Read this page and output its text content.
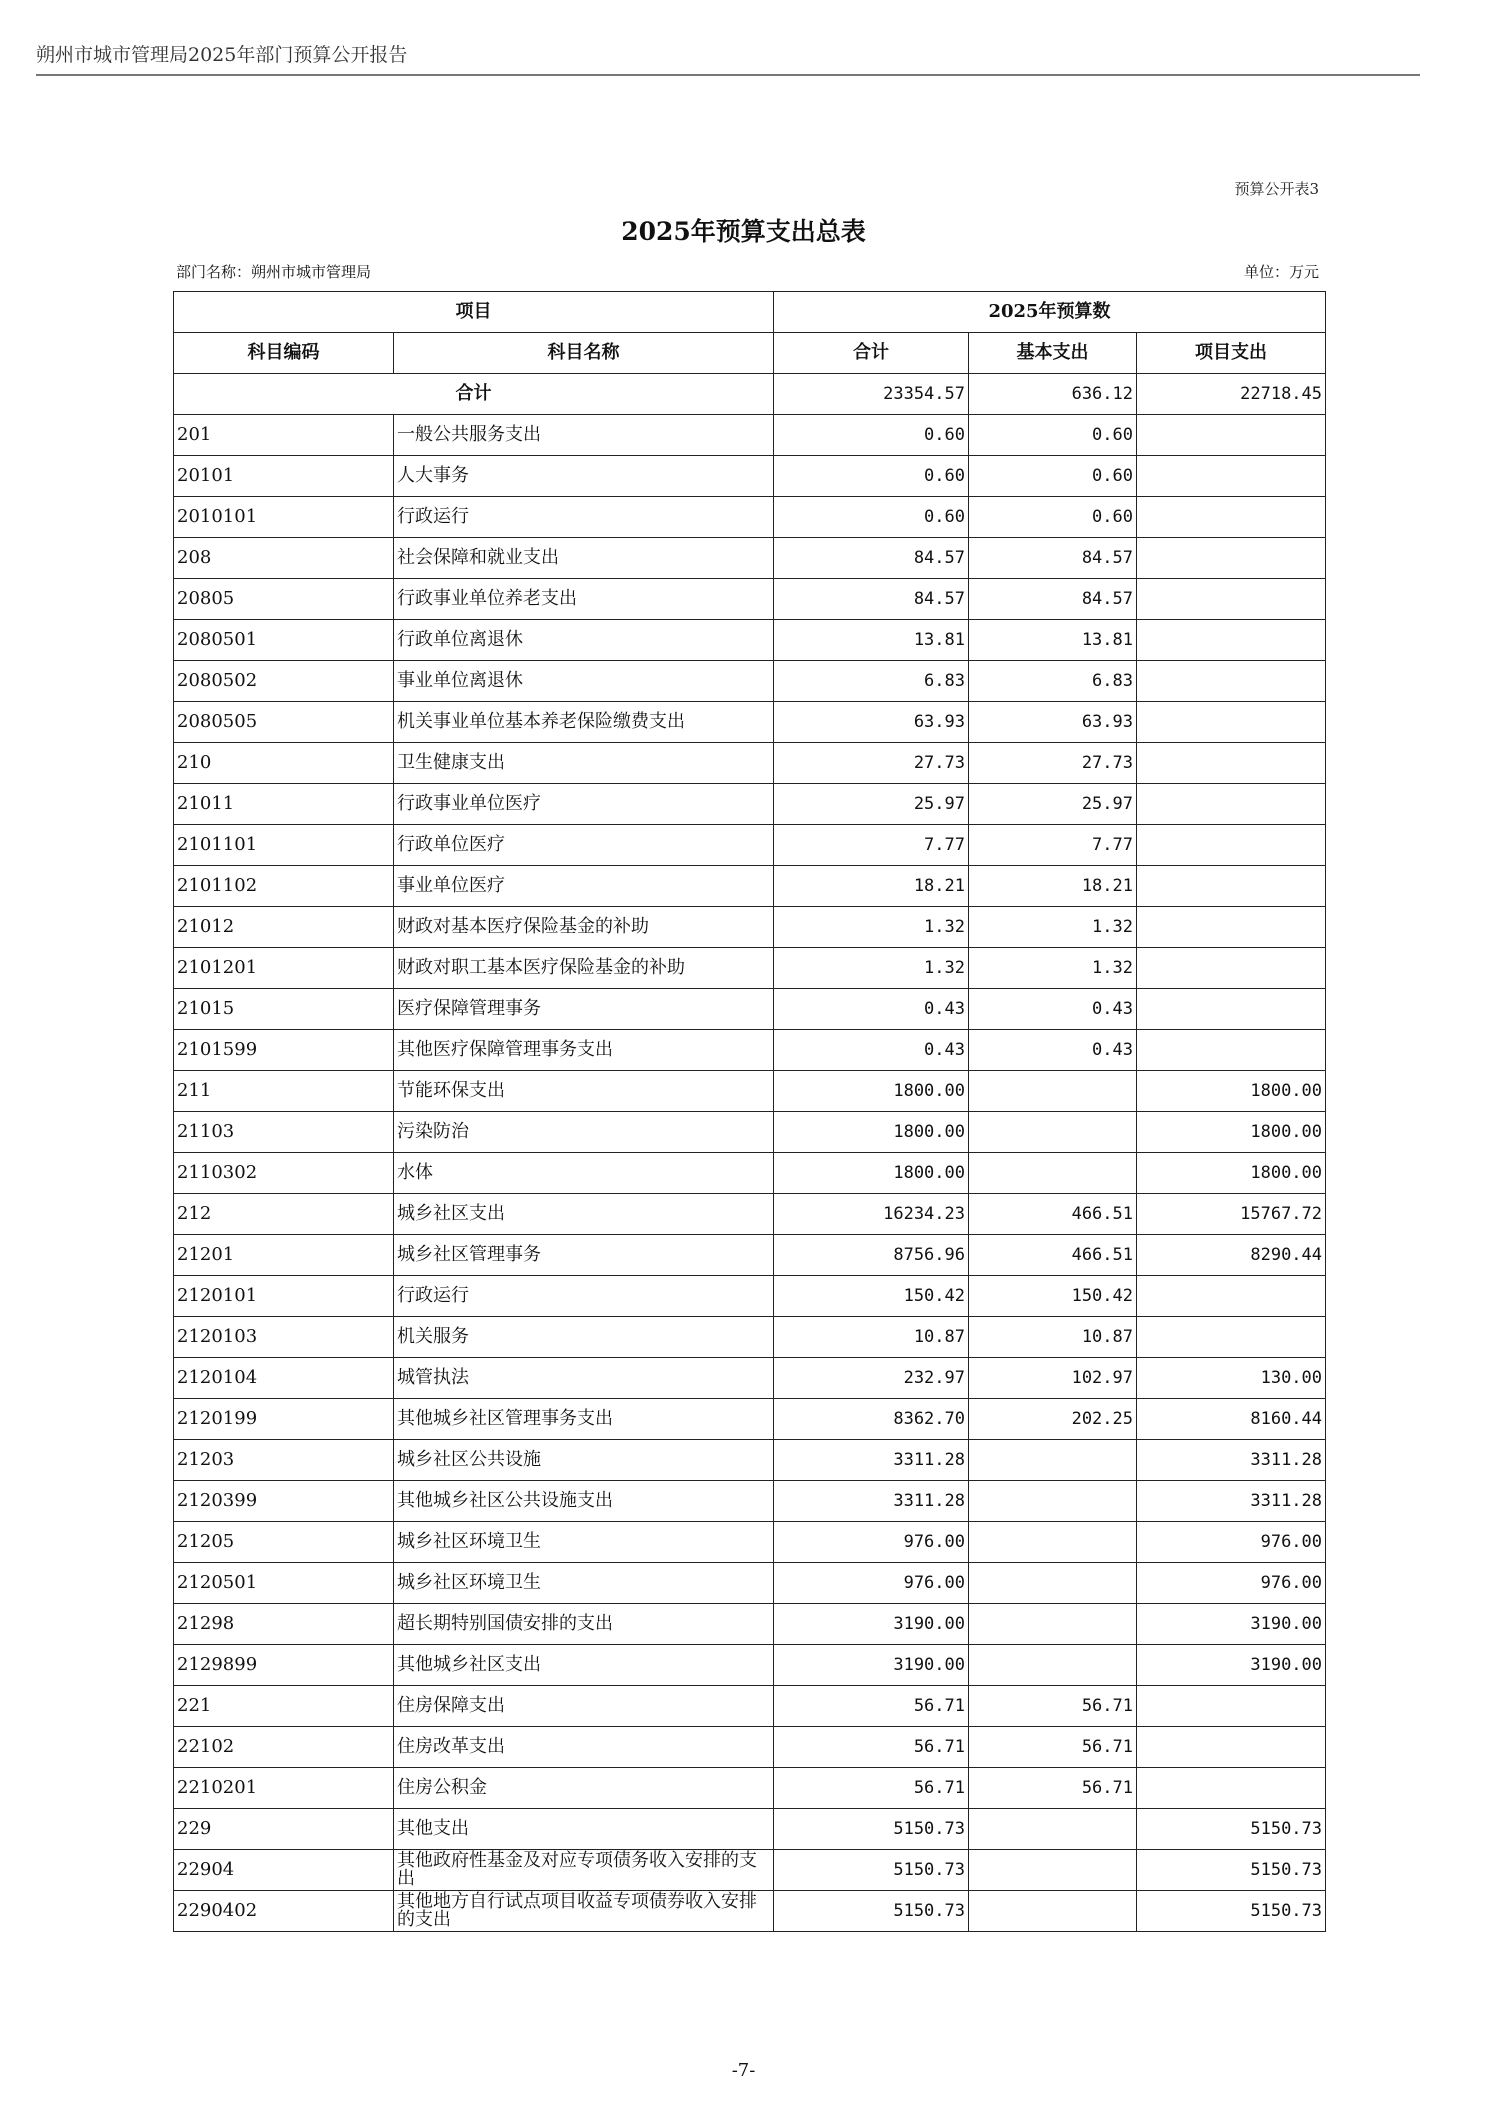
朔州市城市管理局2025年部门预算公开报告
预算公开表3
2025年预算支出总表
部门名称：朔州市城市管理局	单位：万元
项目		2025年预算数		
科目编码	科目名称	合计	基本支出	项目支出
合计		23354.57	636.12	22718.45
201	一般公共服务支出	0.60	0.60	
20101	人大事务	0.60	0.60	
2010101	行政运行	0.60	0.60	
208	社会保障和就业支出	84.57	84.57	
20805	行政事业单位养老支出	84.57	84.57	
2080501	行政单位离退休	13.81	13.81	
2080502	事业单位离退休	6.83	6.83	
2080505	机关事业单位基本养老保险缴费支出	63.93	63.93	
210	卫生健康支出	27.73	27.73	
21011	行政事业单位医疗	25.97	25.97	
2101101	行政单位医疗	7.77	7.77	
2101102	事业单位医疗	18.21	18.21	
21012	财政对基本医疗保险基金的补助	1.32	1.32	
2101201	财政对职工基本医疗保险基金的补助	1.32	1.32	
21015	医疗保障管理事务	0.43	0.43	
2101599	其他医疗保障管理事务支出	0.43	0.43	
211	节能环保支出	1800.00		1800.00
21103	污染防治	1800.00		1800.00
2110302	水体	1800.00		1800.00
212	城乡社区支出	16234.23	466.51	15767.72
21201	城乡社区管理事务	8756.96	466.51	8290.44
2120101	行政运行	150.42	150.42	
2120103	机关服务	10.87	10.87	
2120104	城管执法	232.97	102.97	130.00
2120199	其他城乡社区管理事务支出	8362.70	202.25	8160.44
21203	城乡社区公共设施	3311.28		3311.28
2120399	其他城乡社区公共设施支出	3311.28		3311.28
21205	城乡社区环境卫生	976.00		976.00
2120501	城乡社区环境卫生	976.00		976.00
21298	超长期特别国债安排的支出	3190.00		3190.00
2129899	其他城乡社区支出	3190.00		3190.00
221	住房保障支出	56.71	56.71	
22102	住房改革支出	56.71	56.71	
2210201	住房公积金	56.71	56.71	
229	其他支出	5150.73		5150.73
22904	其他政府性基金及对应专项债务收入安排的支出	5150.73		5150.73
2290402	其他地方自行试点项目收益专项债券收入安排的支出	5150.73		5150.73
-7-
